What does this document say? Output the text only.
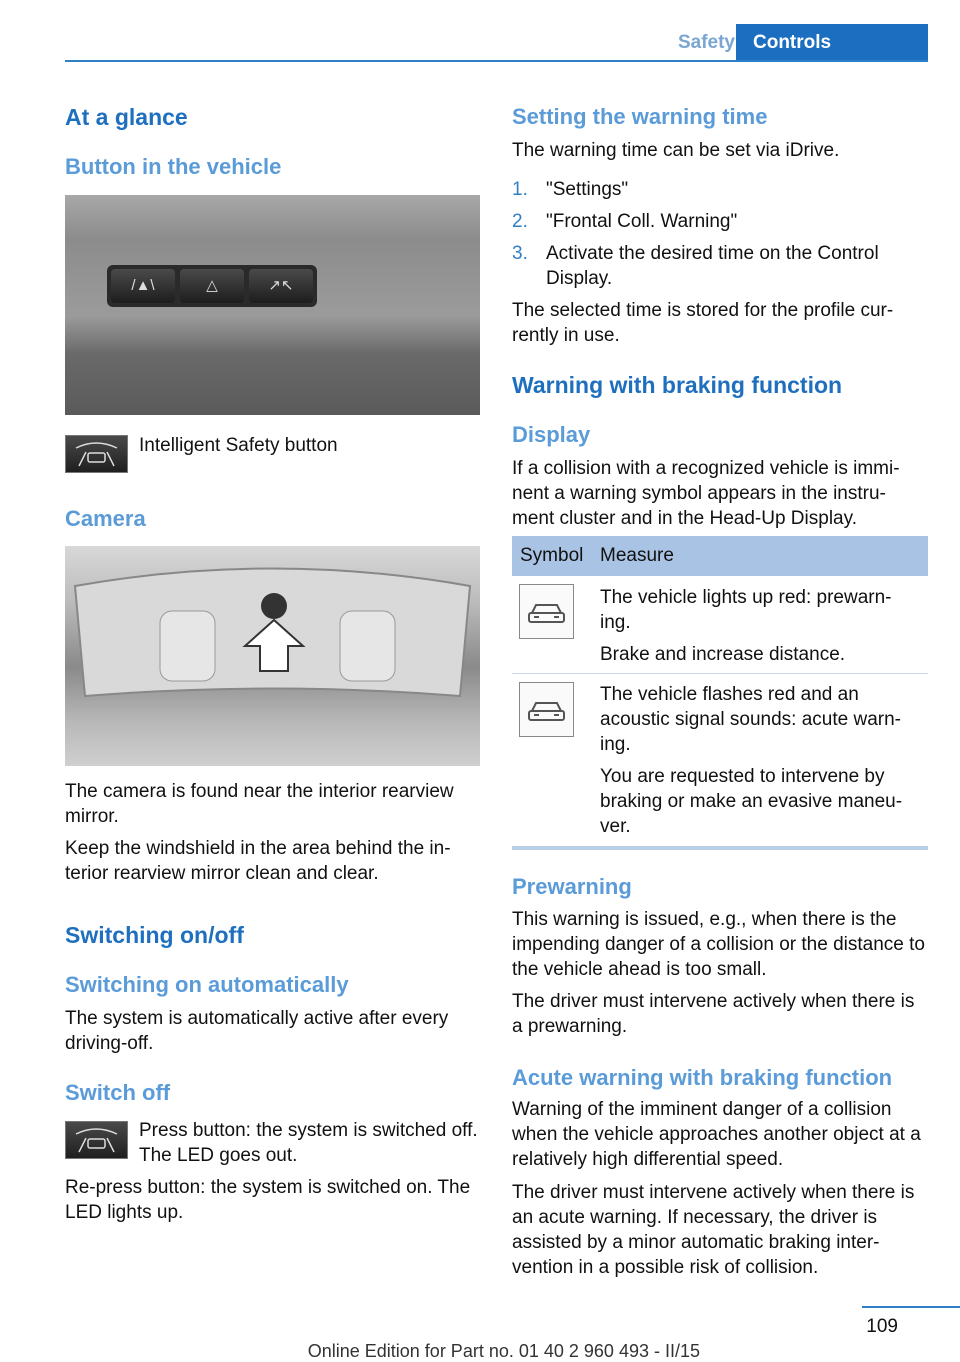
Safety Controls
At a glance
Button in the vehicle
/▲\	△	↗↖
Intelligent Safety button
Camera
The camera is found near the interior rearview mirror.
Keep the windshield in the area behind the in-terior rearview mirror clean and clear.
Switching on/off
Switching on automatically
The system is automatically active after every driving-off.
Switch off
Press button: the system is switched off. The LED goes out.
Re-press button: the system is switched on. The LED lights up.
Setting the warning time
The warning time can be set via iDrive.
1. "Settings"
2. "Frontal Coll. Warning"
3. Activate the desired time on the Control Display.
The selected time is stored for the profile cur-rently in use.
Warning with braking function
Display
If a collision with a recognized vehicle is immi-nent a warning symbol appears in the instru-ment cluster and in the Head-Up Display.
Symbol Measure
The vehicle lights up red: prewarn-ing.
Brake and increase distance.
The vehicle flashes red and an acoustic signal sounds: acute warn-ing.
You are requested to intervene by braking or make an evasive maneu-ver.
Prewarning
This warning is issued, e.g., when there is the impending danger of a collision or the distance to the vehicle ahead is too small.
The driver must intervene actively when there is a prewarning.
Acute warning with braking function
Warning of the imminent danger of a collision when the vehicle approaches another object at a relatively high differential speed.
The driver must intervene actively when there is an acute warning. If necessary, the driver is assisted by a minor automatic braking inter-vention in a possible risk of collision.
109
Online Edition for Part no. 01 40 2 960 493 - II/15
